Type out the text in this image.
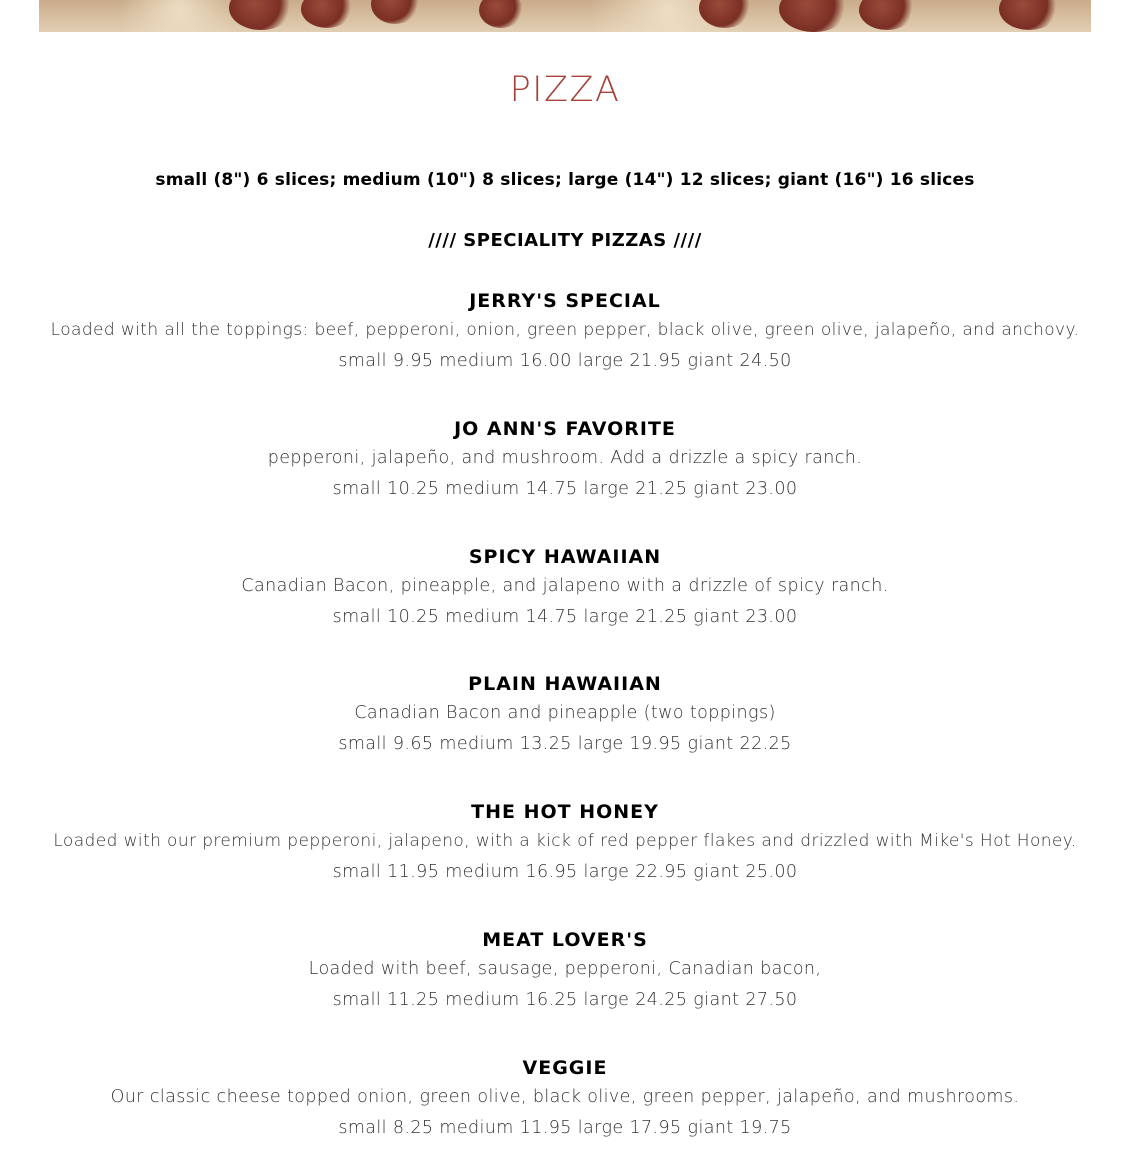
PIZZA
small (8") 6 slices; medium (10") 8 slices; large (14") 12 slices; giant (16") 16 slices
//// SPECIALITY PIZZAS ////
JERRY'S SPECIAL
Loaded with all the toppings: beef, pepperoni, onion, green pepper, black olive, green olive, jalapeño, and anchovy.
small 9.95 medium 16.00 large 21.95 giant 24.50
JO ANN'S FAVORITE
pepperoni, jalapeño, and mushroom. Add a drizzle a spicy ranch.
small 10.25 medium 14.75 large 21.25 giant 23.00
SPICY HAWAIIAN
Canadian Bacon, pineapple, and jalapeno with a drizzle of spicy ranch.
small 10.25 medium 14.75 large 21.25 giant 23.00
PLAIN HAWAIIAN
Canadian Bacon and pineapple (two toppings)
small 9.65 medium 13.25 large 19.95 giant 22.25
THE HOT HONEY
Loaded with our premium pepperoni, jalapeno, with a kick of red pepper flakes and drizzled with Mike's Hot Honey.
small 11.95 medium 16.95 large 22.95 giant 25.00
MEAT LOVER'S
Loaded with beef, sausage, pepperoni, Canadian bacon,
small 11.25 medium 16.25 large 24.25 giant 27.50
VEGGIE
Our classic cheese topped onion, green olive, black olive, green pepper, jalapeño, and mushrooms.
small 8.25 medium 11.95 large 17.95 giant 19.75
